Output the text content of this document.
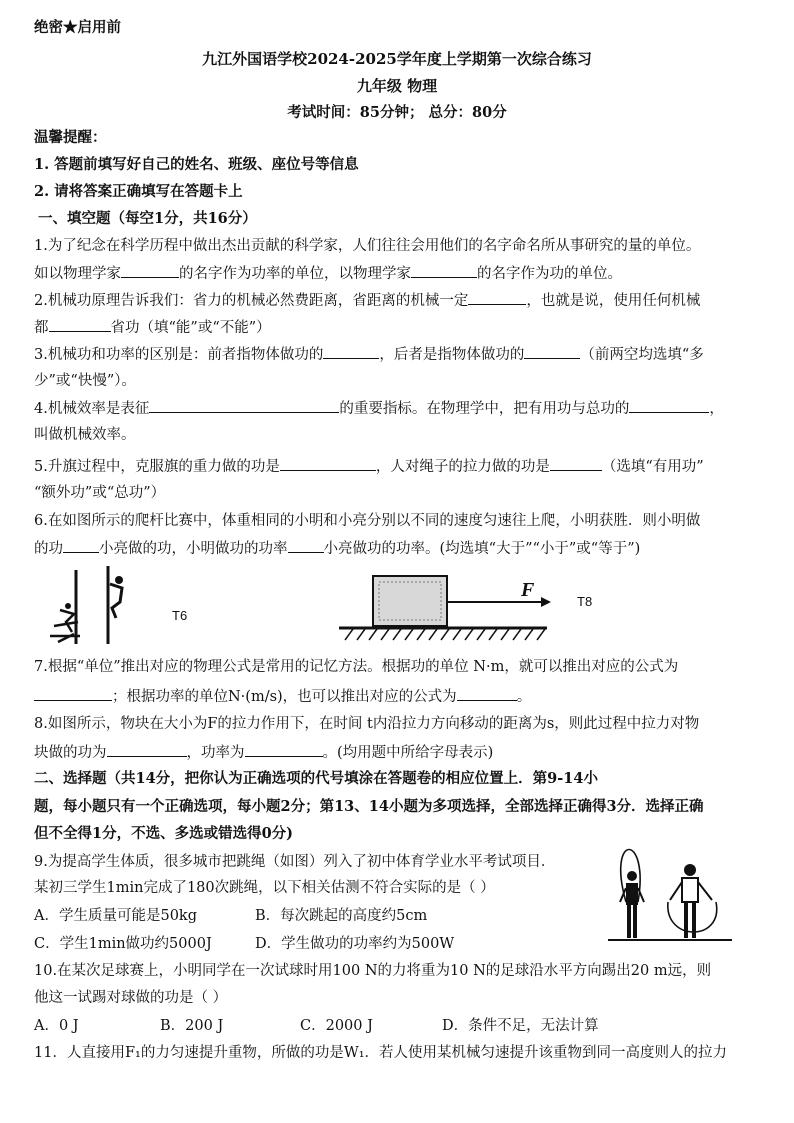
绝密★启用前
九江外国语学校2024-2025学年度上学期第一次综合练习
九年级 物理
考试时间：85分钟； 总分：80分
温馨提醒：
1. 答题前填写好自己的姓名、班级、座位号等信息
2. 请将答案正确填写在答题卡上
一、填空题（每空1分，共16分）
1.为了纪念在科学历程中做出杰出贡献的科学家，人们往往会用他们的名字命名所从事研究的量的单位。
如以物理学家	的名字作为功率的单位，以物理学家	的名字作为功的单位。
2.机械功原理告诉我们：省力的机械必然费距离，省距离的机械一定	，也就是说，使用任何机械
都	省功（填“能”或“不能”）
3.机械功和功率的区别是：前者指物体做功的	，后者是指物体做功的	（前两空均选填“多
少”或“快慢”）。
4.机械效率是表征	的重要指标。在物理学中，把有用功与总功的	，
叫做机械效率。
5.升旗过程中，克服旗的重力做的功是	，人对绳子的拉力做的功是	（选填“有用功”
“额外功”或“总功”）
6.在如图所示的爬杆比赛中，体重相同的小明和小亮分别以不同的速度匀速往上爬，小明获胜．则小明做
的功 小亮做的功，小明做功的功率 小亮做功的功率。(均选填“大于”“小于”或“等于”)
T6
F
T8
7.根据“单位”推出对应的物理公式是常用的记忆方法。根据功的单位 N·m，就可以推出对应的公式为
；根据功率的单位N·(m/s)，也可以推出对应的公式为	。
8.如图所示，物块在大小为F的拉力作用下，在时间 t内沿拉力方向移动的距离为s，则此过程中拉力对物
块做的功为	，功率为	。(均用题中所给字母表示)
二、选择题（共14分，把你认为正确选项的代号填涂在答题卷的相应位置上．第9-14小
题，每小题只有一个正确选项，每小题2分；第13、14小题为多项选择，全部选择正确得3分．选择正确
但不全得1分，不选、多选或错选得0分)
9.为提高学生体质，很多城市把跳绳（如图）列入了初中体育学业水平考试项目．
某初三学生1min完成了180次跳绳，以下相关估测不符合实际的是（ ）
A．学生质量可能是50kg	B．每次跳起的高度约5cm
C．学生1min做功约5000J	D．学生做功的功率约为500W
10.在某次足球赛上，小明同学在一次试球时用100 N的力将重为10 N的足球沿水平方向踢出20 m远，则
他这一试踢对球做的功是（ ）
A．0 J	B．200 J	C．2000 J	D．条件不足，无法计算
11．人直接用F₁的力匀速提升重物，所做的功是W₁．若人使用某机械匀速提升该重物到同一高度则人的拉力
